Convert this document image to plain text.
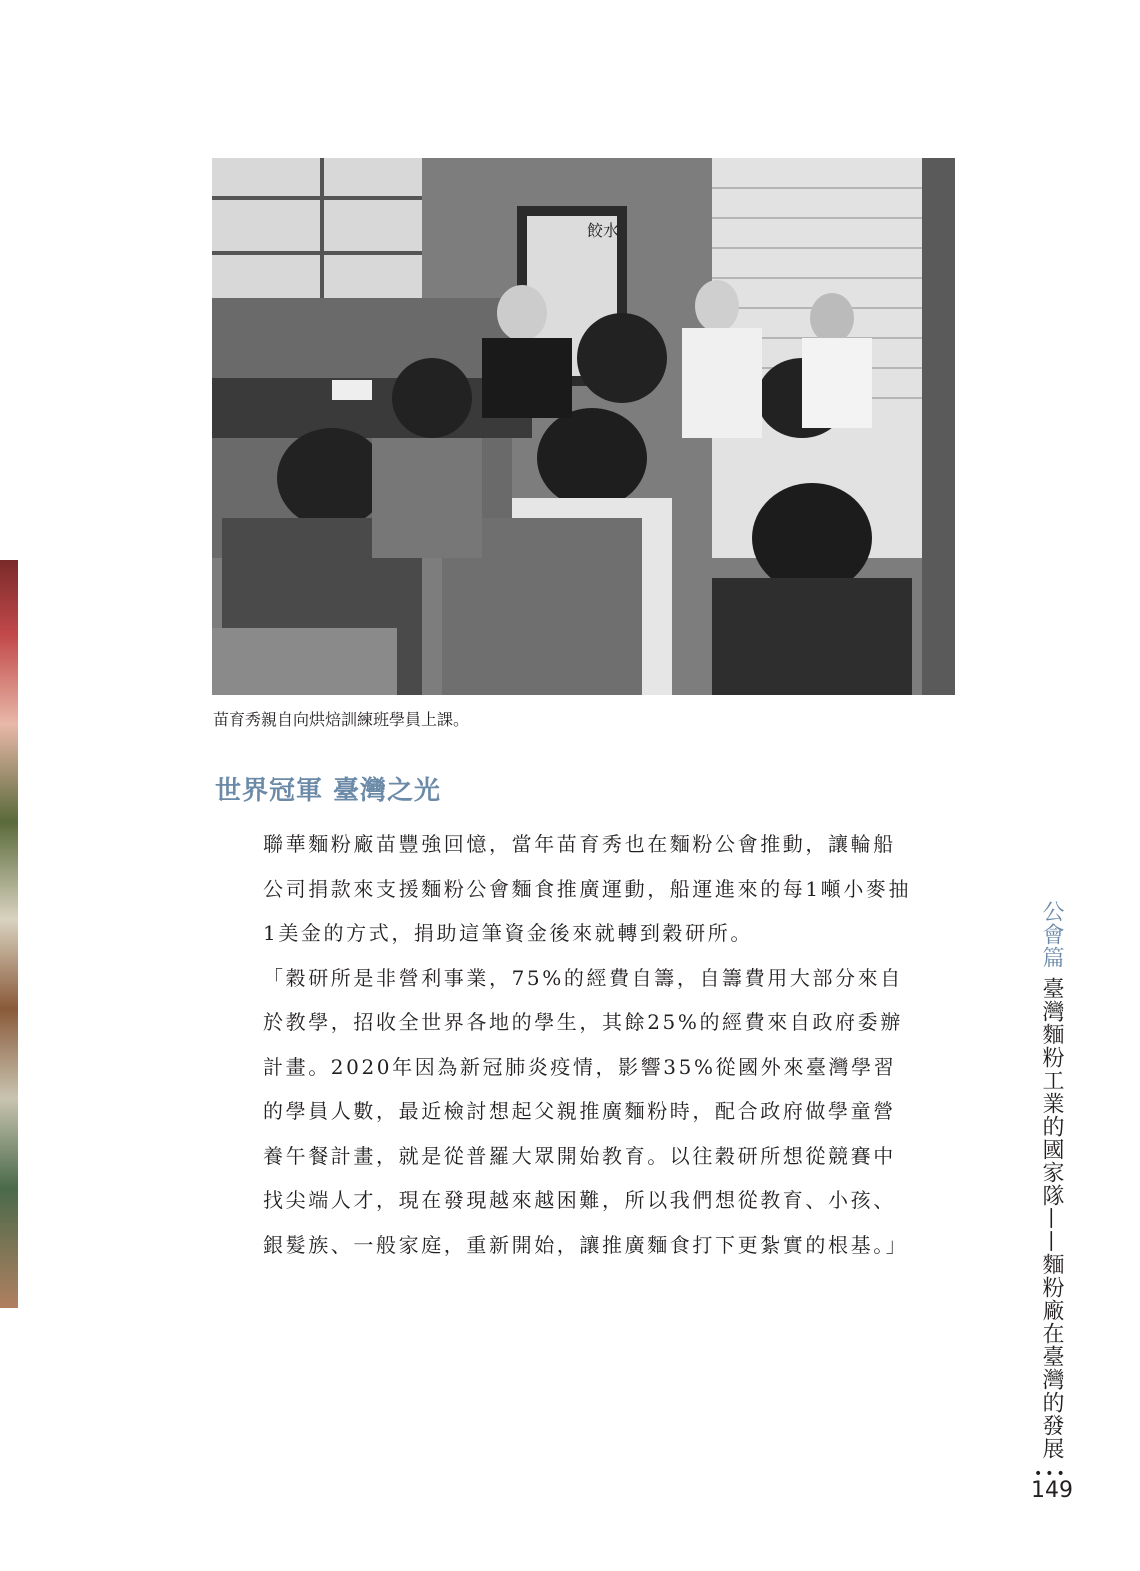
餃水
苗育秀親自向烘焙訓練班學員上課。
世界冠軍 臺灣之光

聯華麵粉廠苗豐強回憶，當年苗育秀也在麵粉公會推動，讓輪船公司捐款來支援麵粉公會麵食推廣運動，船運進來的每1噸小麥抽1美金的方式，捐助這筆資金後來就轉到穀研所。

「穀研所是非營利事業，75%的經費自籌，自籌費用大部分來自於教學，招收全世界各地的學生，其餘25%的經費來自政府委辦計畫。2020年因為新冠肺炎疫情，影響35%從國外來臺灣學習的學員人數，最近檢討想起父親推廣麵粉時，配合政府做學童營養午餐計畫，就是從普羅大眾開始教育。以往穀研所想從競賽中找尖端人才，現在發現越來越困難，所以我們想從教育、小孩、銀髮族、一般家庭，重新開始，讓推廣麵食打下更紮實的根基。」

公會篇 臺灣麵粉工業的國家隊——麵粉廠在臺灣的發展
•••
149
